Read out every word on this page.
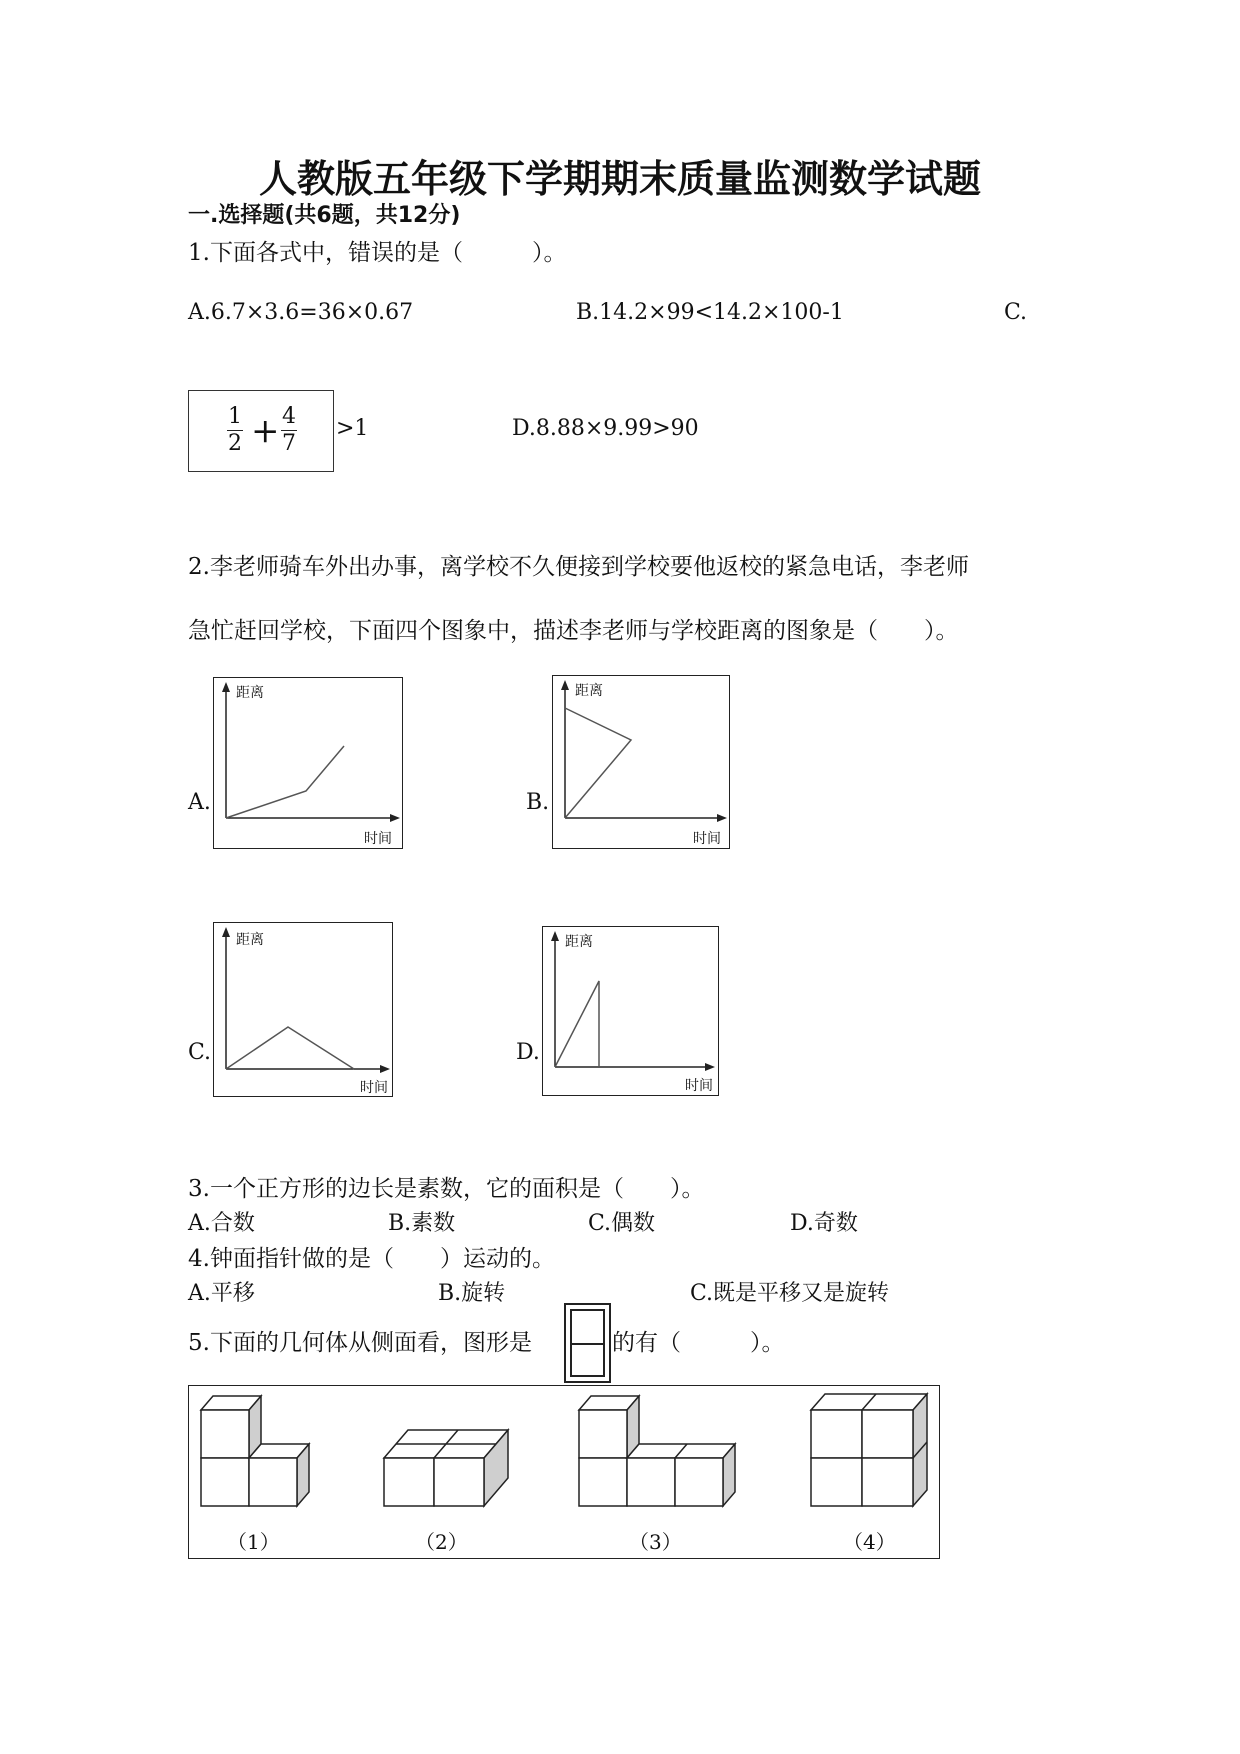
人教版五年级下学期期末质量监测数学试题
一.选择题(共6题，共12分)
1.下面各式中，错误的是（　　　）。
A.6.7×3.6=36×0.67	B.14.2×99<14.2×100-1	C.
1
2 + 4
7
>1	D.8.88×9.99>90
2.李老师骑车外出办事，离学校不久便接到学校要他返校的紧急电话，李老师
急忙赶回学校，下面四个图象中，描述李老师与学校距离的图象是（　　）。
A.
距离
时间
B.
距离
时间
C.
距离
时间
D.
距离
时间
3.一个正方形的边长是素数，它的面积是（　　）。
A.合数	B.素数	C.偶数	D.奇数
4.钟面指针做的是（　　）运动的。
A.平移	B.旋转	C.既是平移又是旋转
5.下面的几何体从侧面看，图形是	的有（　　　）。
（1）	（2）	（3）	（4）
